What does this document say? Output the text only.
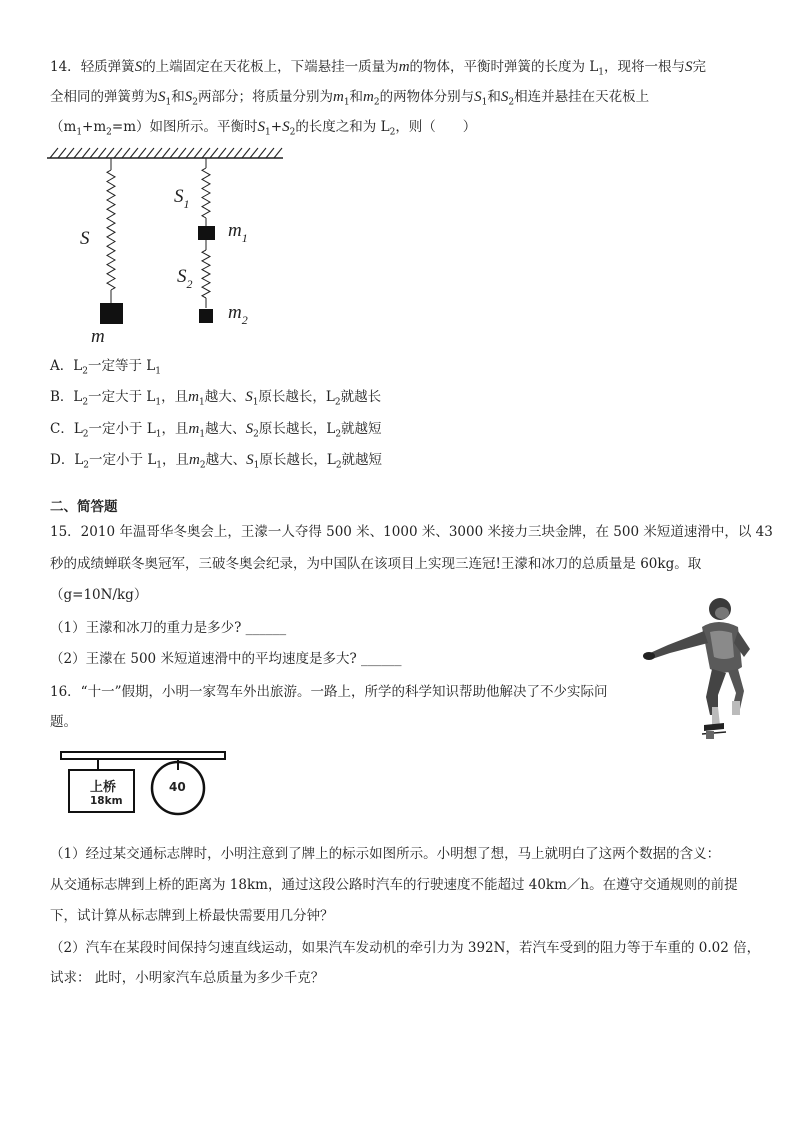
14．轻质弹簧S的上端固定在天花板上，下端悬挂一质量为m的物体，平衡时弹簧的长度为 $L_1$，现将一根与S完
全相同的弹簧剪为$S_1$和$S_2$两部分；将质量分别为$m_1$和$m_2$的两物体分别与$S_1$和$S_2$相连并悬挂在天花板上
$(m_1+m_2=m)$如图所示。平衡时$S_1+S_2$的长度之和为 $L_2$，则（　　）
S
$S_1$
$S_2$
m
$m_1$
$m_2$
A．$L_2$一定等于 $L_1$
B．$L_2$一定大于 $L_1$，且$m_1$越大、$S_1$原长越长，$L_2$就越长
C．$L_2$一定小于 $L_1$，且$m_1$越大、$S_2$原长越长，$L_2$就越短
D．$L_2$一定小于 $L_1$，且$m_2$越大、$S_1$原长越长，$L_2$就越短
二、简答题
15．2010 年温哥华冬奥会上，王濛一人夺得 500 米、1000 米、3000 米接力三块金牌，在 500 米短道速滑中，以 43
秒的成绩蝉联冬奥冠军，三破冬奥会纪录，为中国队在该项目上实现三连冠!王濛和冰刀的总质量是 60kg。取
（g=10N/kg）
（1）王濛和冰刀的重力是多少? ______
（2）王濛在 500 米短道速滑中的平均速度是多大? ______
16．“十一”假期，小明一家驾车外出旅游。一路上，所学的科学知识帮助他解决了不少实际问
题。
上桥
18km
40
（1）经过某交通标志牌时，小明注意到了牌上的标示如图所示。小明想了想，马上就明白了这两个数据的含义：
从交通标志牌到上桥的距离为 18km，通过这段公路时汽车的行驶速度不能超过 40km／h。在遵守交通规则的前提
下，试计算从标志牌到上桥最快需要用几分钟？
（2）汽车在某段时间保持匀速直线运动，如果汽车发动机的牵引力为 392N，若汽车受到的阻力等于车重的 0.02 倍，
试求： 此时，小明家汽车总质量为多少千克？
